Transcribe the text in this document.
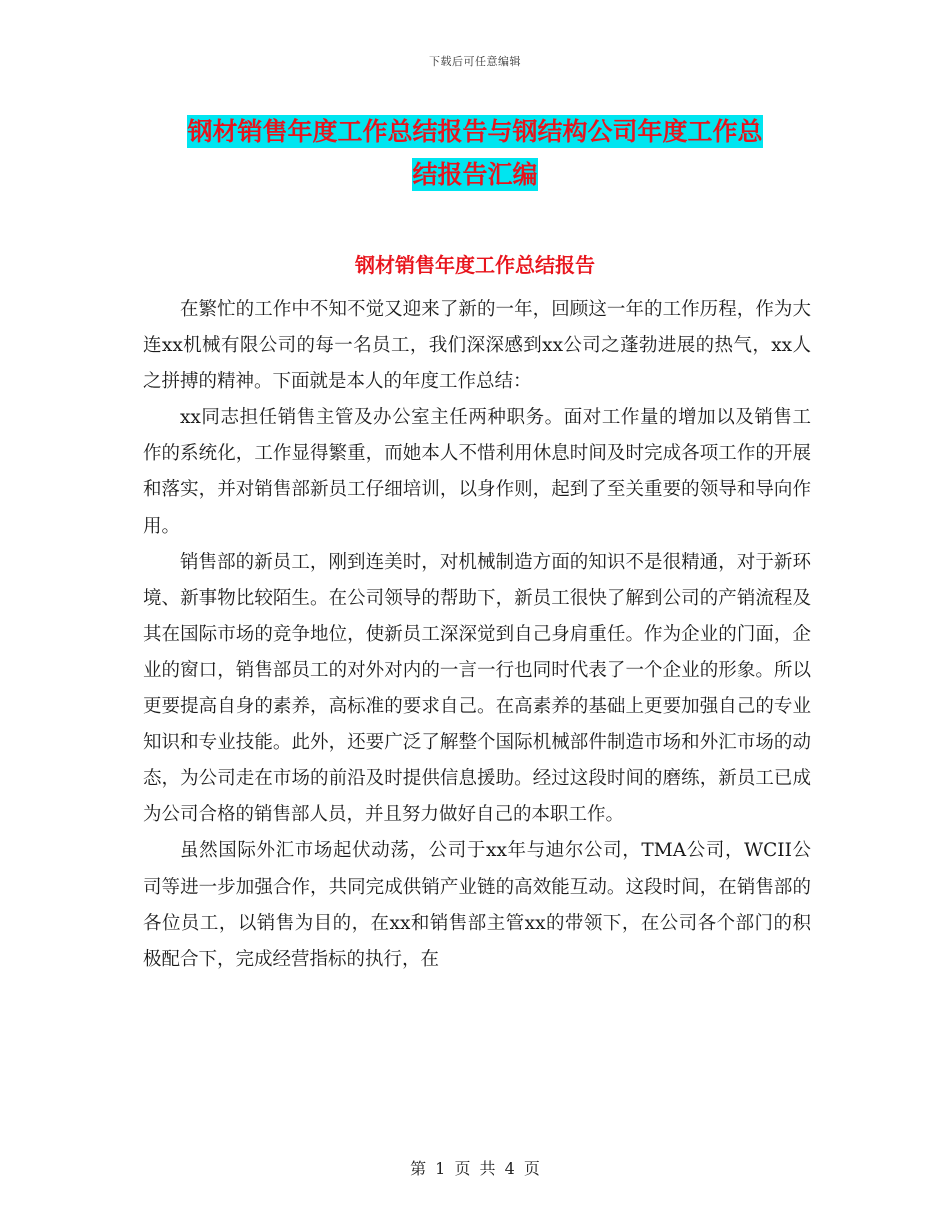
下载后可任意编辑
钢材销售年度工作总结报告与钢结构公司年度工作总
结报告汇编
钢材销售年度工作总结报告

在繁忙的工作中不知不觉又迎来了新的一年，回顾这一年的工作历程，作为大连xx机械有限公司的每一名员工，我们深深感到xx公司之蓬勃进展的热气，xx人之拼搏的精神。下面就是本人的年度工作总结：

xx同志担任销售主管及办公室主任两种职务。面对工作量的增加以及销售工作的系统化，工作显得繁重，而她本人不惜利用休息时间及时完成各项工作的开展和落实，并对销售部新员工仔细培训，以身作则，起到了至关重要的领导和导向作用。

销售部的新员工，刚到连美时，对机械制造方面的知识不是很精通，对于新环境、新事物比较陌生。在公司领导的帮助下，新员工很快了解到公司的产销流程及其在国际市场的竞争地位，使新员工深深觉到自己身肩重任。作为企业的门面，企业的窗口，销售部员工的对外对内的一言一行也同时代表了一个企业的形象。所以更要提高自身的素养，高标准的要求自己。在高素养的基础上更要加强自己的专业知识和专业技能。此外，还要广泛了解整个国际机械部件制造市场和外汇市场的动态，为公司走在市场的前沿及时提供信息援助。经过这段时间的磨练，新员工已成为公司合格的销售部人员，并且努力做好自己的本职工作。

虽然国际外汇市场起伏动荡，公司于xx年与迪尔公司，TMA公司，WCII公司等进一步加强合作，共同完成供销产业链的高效能互动。这段时间，在销售部的各位员工，以销售为目的，在xx和销售部主管xx的带领下，在公司各个部门的积极配合下，完成经营指标的执行，在

第 1 页 共 4 页
